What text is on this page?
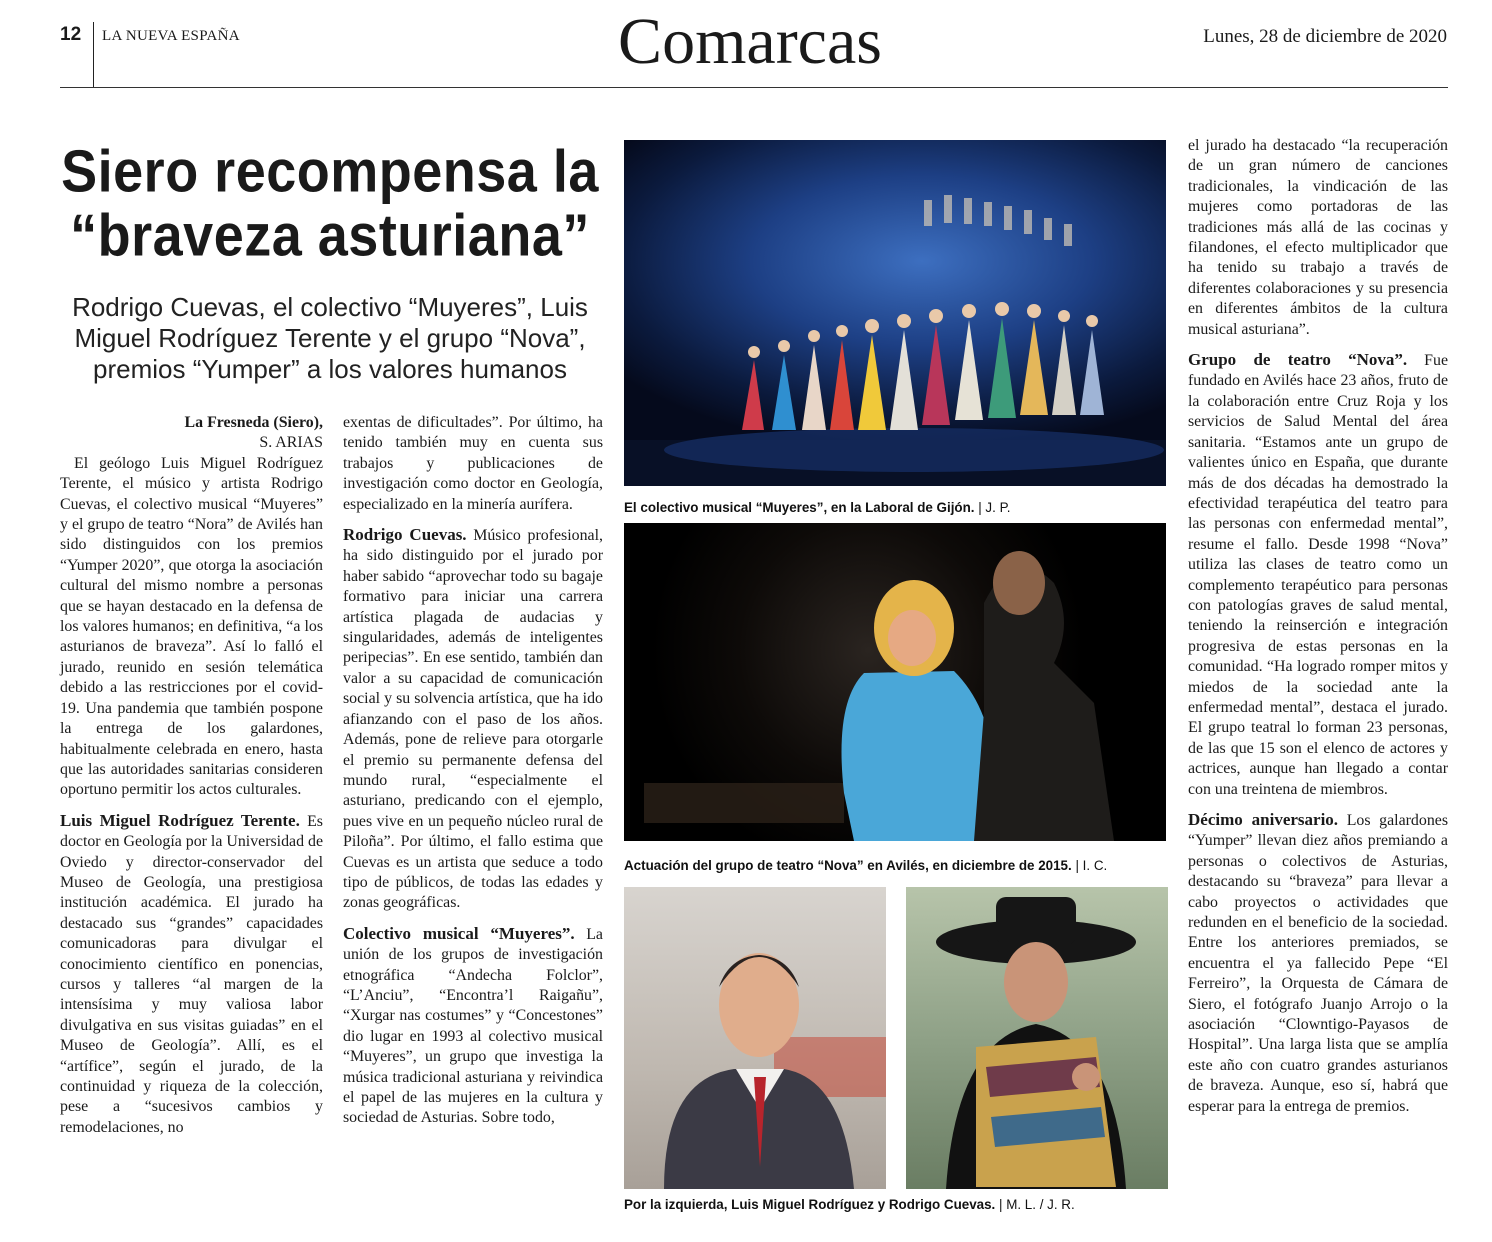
12 LA NUEVA ESPAÑA	Comarcas	Lunes, 28 de diciembre de 2020
Siero recompensa la
“braveza asturiana”
Rodrigo Cuevas, el colectivo “Muyeres”, Luis Miguel Rodríguez Terente y el grupo “Nova”, premios “Yumper” a los valores humanos

La Fresneda (Siero),

S. ARIAS

El geólogo Luis Miguel Rodríguez Terente, el músico y artista Rodrigo Cuevas, el colectivo musical “Muyeres” y el grupo de teatro “Nora” de Avilés han sido distinguidos con los premios “Yumper 2020”, que otorga la asociación cultural del mismo nombre a personas que se hayan destacado en la defensa de los valores humanos; en definitiva, “a los asturianos de braveza”. Así lo falló el jurado, reunido en sesión telemática debido a las restricciones por el covid-19. Una pandemia que también pospone la entrega de los galardones, habitualmente celebrada en enero, hasta que las autoridades sanitarias consideren oportuno permitir los actos culturales.

Luis Miguel Rodríguez Terente. Es doctor en Geología por la Universidad de Oviedo y director-conservador del Museo de Geología, una prestigiosa institución académica. El jurado ha destacado sus “grandes” capacidades comunicadoras para divulgar el conocimiento científico en ponencias, cursos y talleres “al margen de la intensísima y muy valiosa labor divulgativa en sus visitas guiadas” en el Museo de Geología”. Allí, es el “artífice”, según el jurado, de la continuidad y riqueza de la colección, pese a “sucesivos cambios y remodelaciones, no

exentas de dificultades”. Por último, ha tenido también muy en cuenta sus trabajos y publicaciones de investigación como doctor en Geología, especializado en la minería aurífera.

Rodrigo Cuevas. Músico profesional, ha sido distinguido por el jurado por haber sabido “aprovechar todo su bagaje formativo para iniciar una carrera artística plagada de audacias y singularidades, además de inteligentes peripecias”. En ese sentido, también dan valor a su capacidad de comunicación social y su solvencia artística, que ha ido afianzando con el paso de los años. Además, pone de relieve para otorgarle el premio su permanente defensa del mundo rural, “especialmente el asturiano, predicando con el ejemplo, pues vive en un pequeño núcleo rural de Piloña”. Por último, el fallo estima que Cuevas es un artista que seduce a todo tipo de públicos, de todas las edades y zonas geográficas.

Colectivo musical “Muyeres”. La unión de los grupos de investigación etnográfica “Andecha Folclor”, “L’Anciu”, “Encontra’l Raigañu”, “Xurgar nas costumes” y “Concestones” dio lugar en 1993 al colectivo musical “Muyeres”, un grupo que investiga la música tradicional asturiana y reivindica el papel de las mujeres en la cultura y sociedad de Asturias. Sobre todo,

el jurado ha destacado “la recuperación de un gran número de canciones tradicionales, la vindicación de las mujeres como portadoras de las tradiciones más allá de las cocinas y filandones, el efecto multiplicador que ha tenido su trabajo a través de diferentes colaboraciones y su presencia en diferentes ámbitos de la cultura musical asturiana”.

Grupo de teatro “Nova”. Fue fundado en Avilés hace 23 años, fruto de la colaboración entre Cruz Roja y los servicios de Salud Mental del área sanitaria. “Estamos ante un grupo de valientes único en España, que durante más de dos décadas ha demostrado la efectividad terapéutica del teatro para las personas con enfermedad mental”, resume el fallo. Desde 1998 “Nova” utiliza las clases de teatro como un complemento terapéutico para personas con patologías graves de salud mental, teniendo la reinserción e integración progresiva de estas personas en la comunidad. “Ha logrado romper mitos y miedos de la sociedad ante la enfermedad mental”, destaca el jurado. El grupo teatral lo forman 23 personas, de las que 15 son el elenco de actores y actrices, aunque han llegado a contar con una treintena de miembros.

Décimo aniversario. Los galardones “Yumper” llevan diez años premiando a personas o colectivos de Asturias, destacando su “braveza” para llevar a cabo proyectos o actividades que redunden en el beneficio de la sociedad. Entre los anteriores premiados, se encuentra el ya fallecido Pepe “El Ferreiro”, la Orquesta de Cámara de Siero, el fotógrafo Juanjo Arrojo o la asociación “Clowntigo-Payasos de Hospital”. Una larga lista que se amplía este año con cuatro grandes asturianos de braveza. Aunque, eso sí, habrá que esperar para la entrega de premios.

El colectivo musical “Muyeres”, en la Laboral de Gijón. | J. P.
Actuación del grupo de teatro “Nova” en Avilés, en diciembre de 2015. | I. C.
Por la izquierda, Luis Miguel Rodríguez y Rodrigo Cuevas. | M. L. / J. R.
